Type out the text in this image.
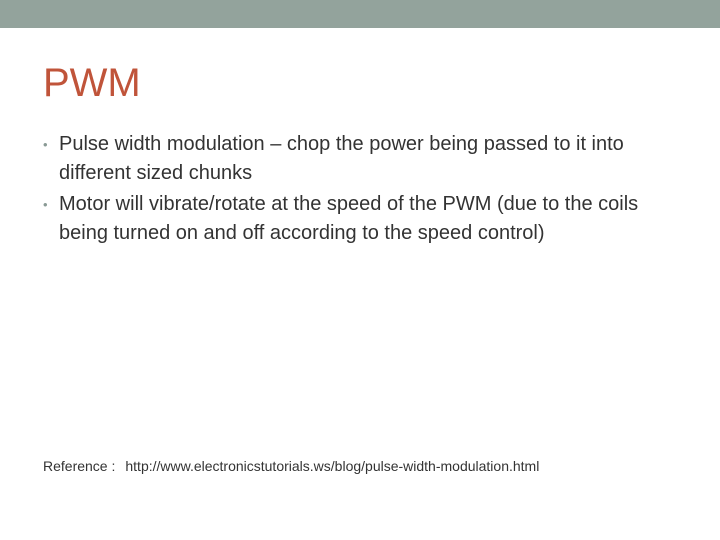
PWM
• Pulse width modulation – chop the power being passed to it into different sized chunks
• Motor will vibrate/rotate at the speed of the PWM (due to the coils being turned on and off according to the speed control)
Reference : http://www.electronicstutorials.ws/blog/pulse-width-modulation.html
